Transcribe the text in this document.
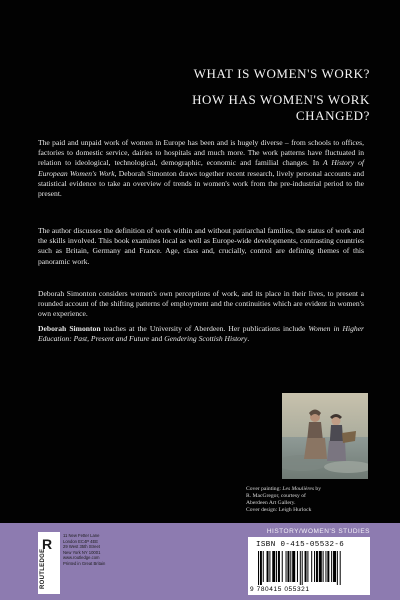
WHAT IS WOMEN'S WORK?
HOW HAS WOMEN'S WORK
CHANGED?

The paid and unpaid work of women in Europe has been and is hugely diverse – from schools to offices, factories to domestic service, dairies to hospitals and much more. The work patterns have fluctuated in relation to ideological, technological, demographic, economic and familial changes. In A History of European Women's Work, Deborah Simonton draws together recent research, lively personal accounts and statistical evidence to take an overview of trends in women's work from the pre-industrial period to the present.

The author discusses the definition of work within and without patriarchal families, the status of work and the skills involved. This book examines local as well as Europe-wide developments, contrasting countries such as Britain, Germany and France. Age, class and, crucially, control are defining themes of this panoramic work.

Deborah Simonton considers women's own perceptions of work, and its place in their lives, to present a rounded account of the shifting patterns of employment and the continuities which are evident in women's own experience.

Deborah Simonton teaches at the University of Aberdeen. Her publications include Women in Higher Education: Past, Present and Future and Gendering Scottish History.

Cover painting: Les Moulières by
R. MacGregor, courtesy of
Aberdeen Art Gallery.
Cover design: Leigh Hurlock
HISTORY/WOMEN'S STUDIES
R
ROUTLEDGE
11 New Fetter Lane
London EC4P 4EE
29 West 35th Street
New York NY 10001
www.routledge.com
Printed in Great Britain
ISBN 0-415-05532-6
9 780415 055321
